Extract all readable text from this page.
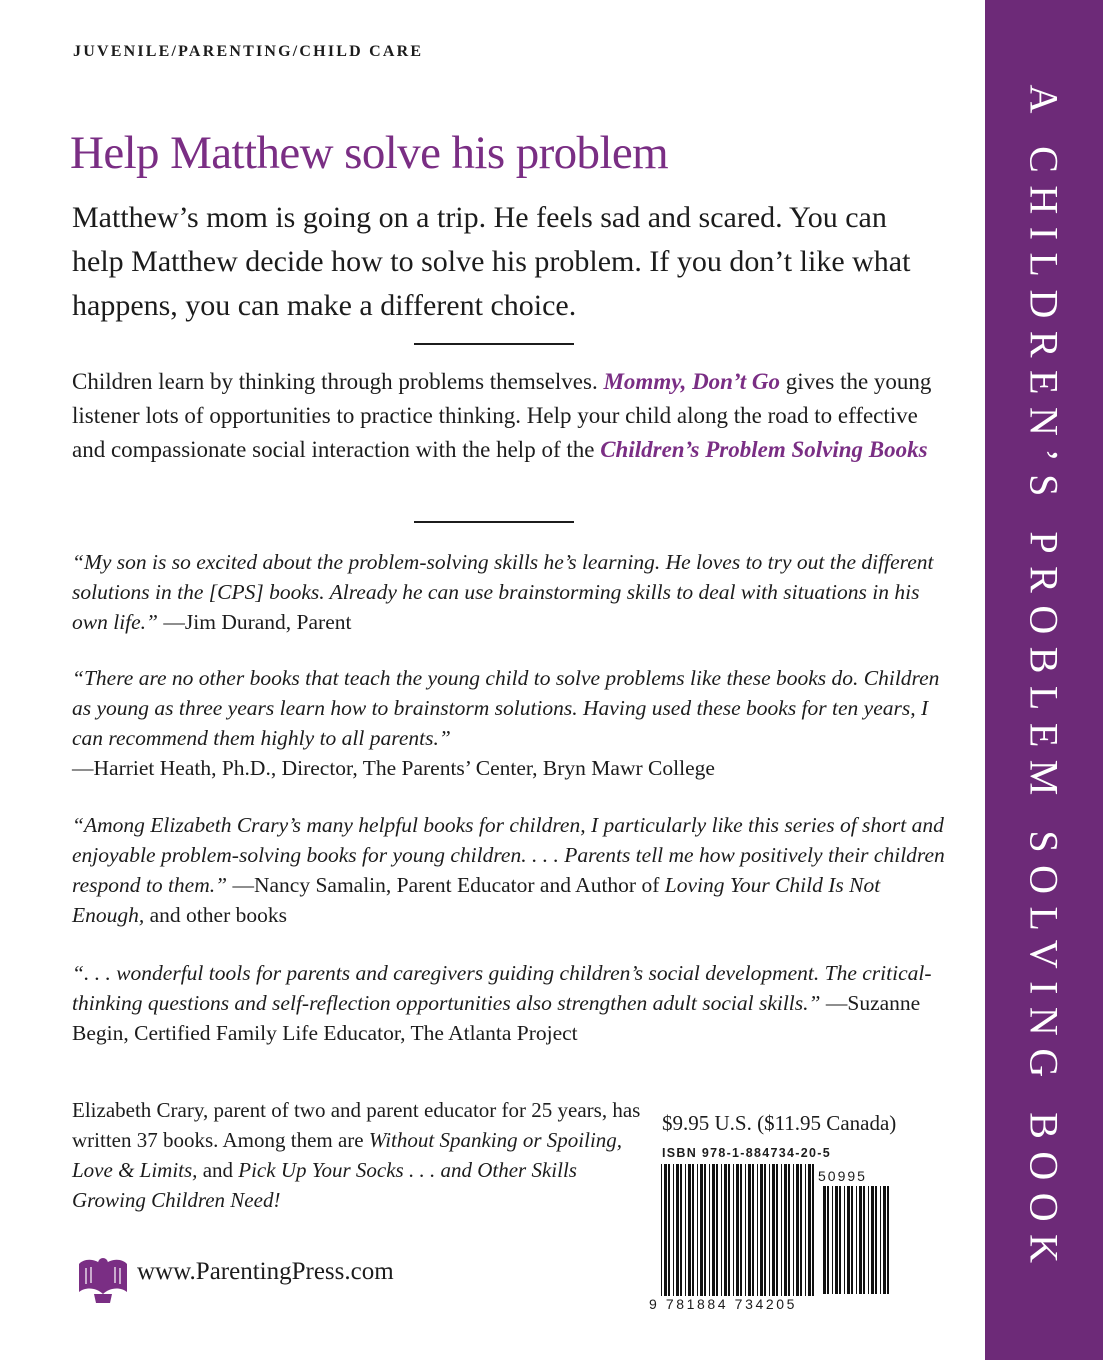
JUVENILE/PARENTING/CHILD CARE
Help Matthew solve his problem

Matthew’s mom is going on a trip. He feels sad and scared. You can help Matthew decide how to solve his problem. If you don’t like what happens, you can make a different choice.

Children learn by thinking through problems themselves. Mommy, Don’t Go gives the young listener lots of opportunities to practice thinking. Help your child along the road to effective and compassionate social interaction with the help of the Children’s Problem Solving Books

“My son is so excited about the problem-solving skills he’s learning. He loves to try out the different solutions in the [CPS] books. Already he can use brainstorming skills to deal with situations in his own life.” —Jim Durand, Parent

“There are no other books that teach the young child to solve problems like these books do. Children as young as three years learn how to brainstorm solutions. Having used these books for ten years, I can recommend them highly to all parents.”
—Harriet Heath, Ph.D., Director, The Parents’ Center, Bryn Mawr College

“Among Elizabeth Crary’s many helpful books for children, I particularly like this series of short and enjoyable problem-solving books for young children. . . . Parents tell me how positively their children respond to them.” —Nancy Samalin, Parent Educator and Author of Loving Your Child Is Not Enough, and other books

“. . . wonderful tools for parents and caregivers guiding children’s social development. The critical-thinking questions and self-reflection opportunities also strengthen adult social skills.” —Suzanne Begin, Certified Family Life Educator, The Atlanta Project

Elizabeth Crary, parent of two and parent educator for 25 years, has written 37 books. Among them are Without Spanking or Spoiling, Love & Limits, and Pick Up Your Socks . . . and Other Skills Growing Children Need!

www.ParentingPress.com
$9.95 U.S. ($11.95 Canada)
ISBN 978-1-884734-20-5
50995
9 781884 734205
A CHILDREN’S PROBLEM SOLVING BOOK
